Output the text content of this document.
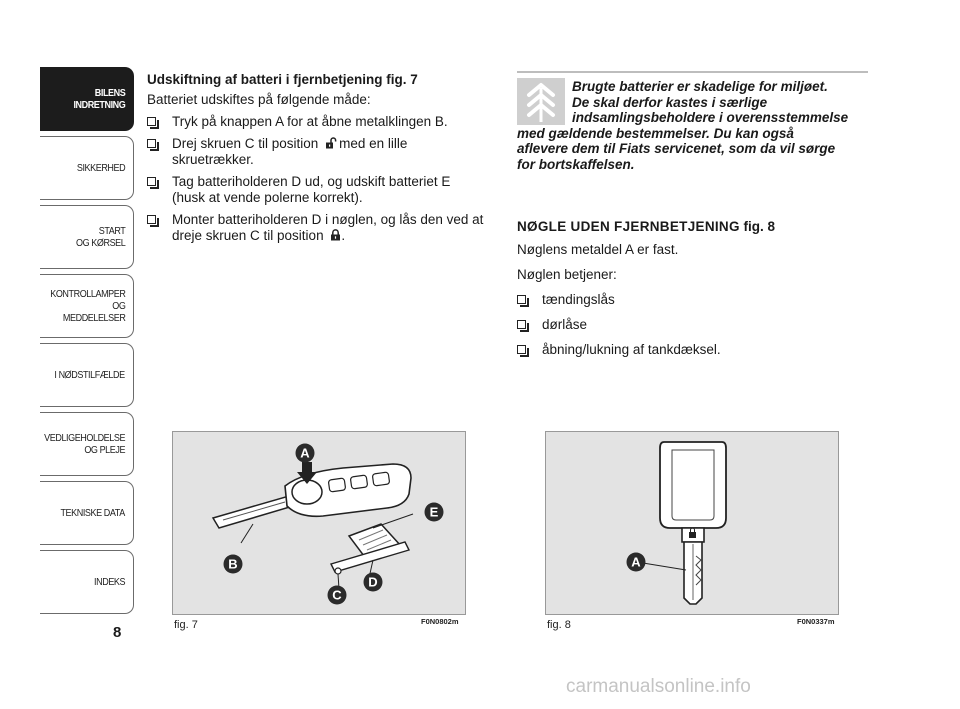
BILENS
INDRETNING
SIKKERHED
START
OG KØRSEL
KONTROLLAMPER
OG MEDDELELSER
I NØDSTILFÆLDE
VEDLIGEHOLDELSE
OG PLEJE
TEKNISKE DATA
INDEKS
8
Udskiftning af batteri i fjernbetjening fig. 7

Batteriet udskiftes på følgende måde:

Tryk på knappen A for at åbne metalklingen B.
Drej skruen C til position med en lille
skruetrækker.
Tag batteriholderen D ud, og udskift batteriet E
(husk at vende polerne korrekt).
Monter batteriholderen D i nøglen, og lås den ved at
dreje skruen C til position .
Brugte batterier er skadelige for miljøet.
De skal derfor kastes i særlige
indsamlingsbeholdere i overensstemmelse
med gældende bestemmelser. Du kan også
aflevere dem til Fiats servicenet, som da vil sørge
for bortskaffelsen.
NØGLE UDEN FJERNBETJENING fig. 8

Nøglens metaldel A er fast.

Nøglen betjener:

tændingslås
dørlåse
åbning/lukning af tankdæksel.
A
B
C
D
E
fig. 7	F0N0802m
A
fig. 8	F0N0337m
carmanualsonline.info
